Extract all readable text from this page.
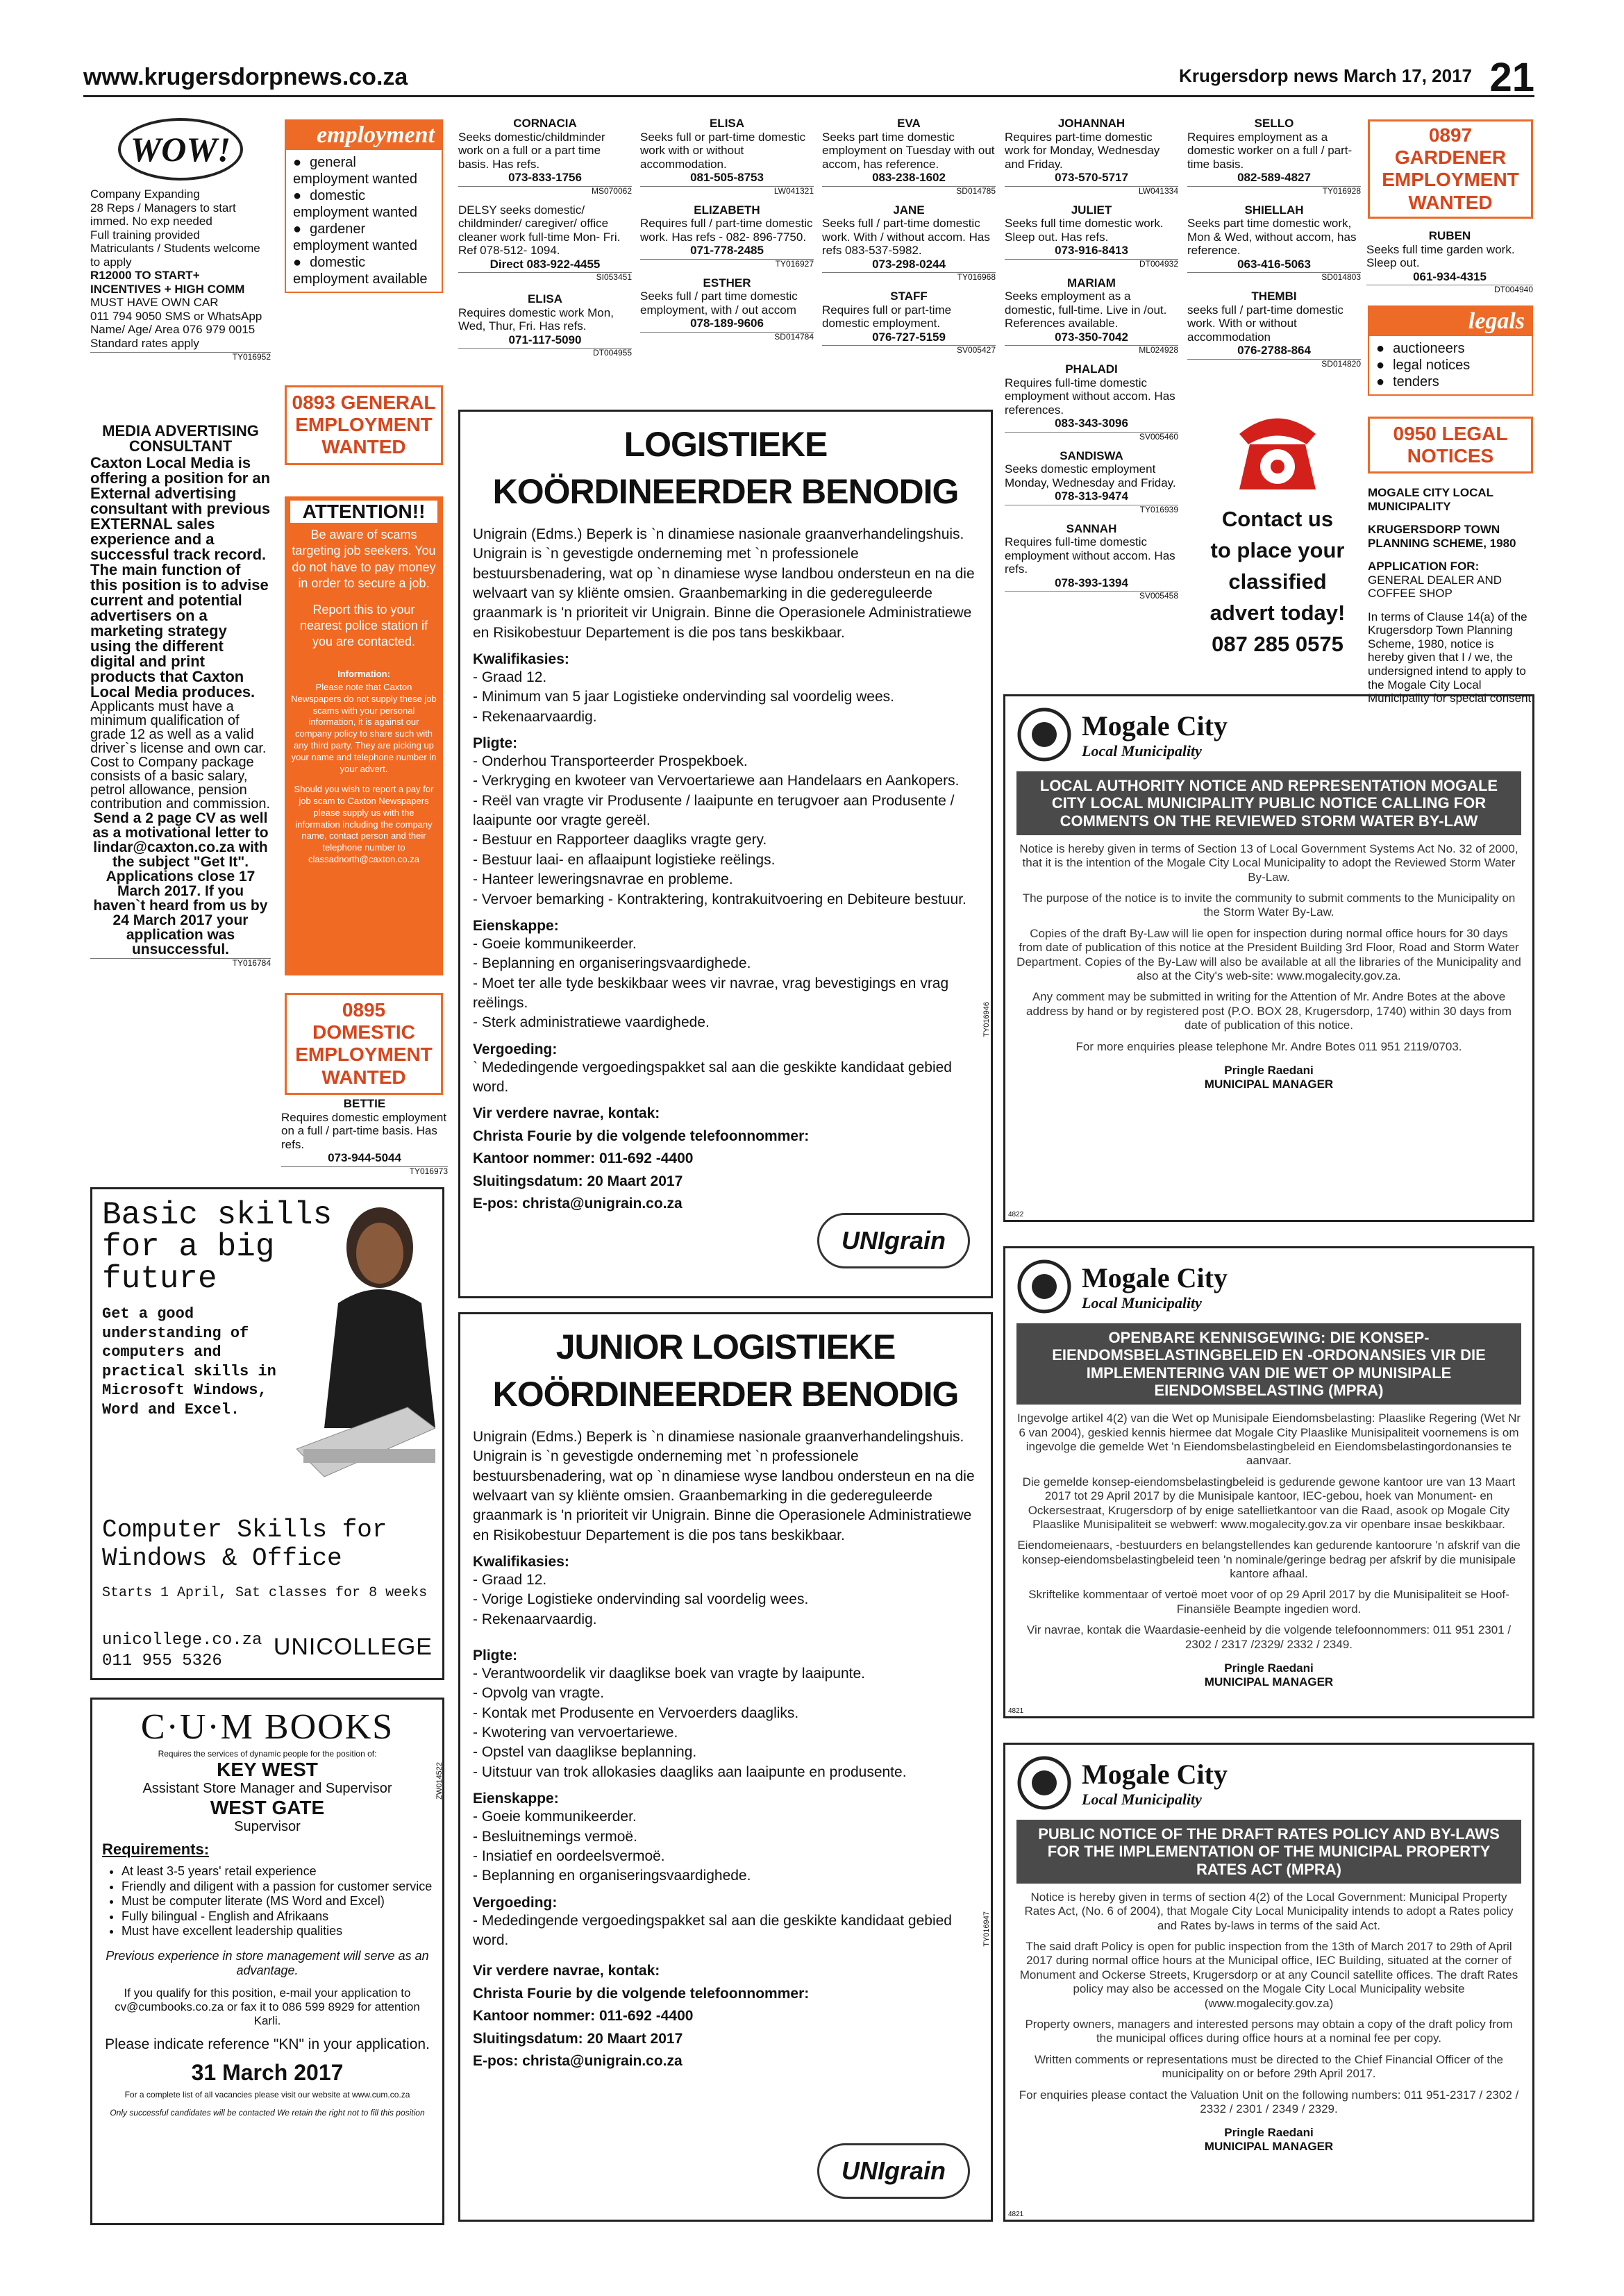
www.krugersdorpnews.co.za	Krugersdorp news March 17, 2017 21
WOW!
Company Expanding
28 Reps / Managers to start immed. No exp needed
Full training provided
Matriculants / Students welcome to apply
R12000 TO START+ INCENTIVES + HIGH COMM
MUST HAVE OWN CAR
011 794 9050 SMS or WhatsApp Name/ Age/ Area 076 979 0015
Standard rates apply
TY016952
MEDIA ADVERTISING CONSULTANT
Caxton Local Media is offering a position for an External advertising consultant with previous EXTERNAL sales experience and a successful track record. The main function of this position is to advise current and potential advertisers on a marketing strategy using the different digital and print products that Caxton Local Media produces.
Applicants must have a minimum qualification of grade 12 as well as a valid driver`s license and own car. Cost to Company package consists of a basic salary, petrol allowance, pension contribution and commission.
Send a 2 page CV as well as a motivational letter to lindar@caxton.co.za with the subject "Get It". Applications close 17 March 2017. If you haven`t heard from us by 24 March 2017 your application was unsuccessful.
TY016784
Basic skills for a big future
Get a good understanding of computers and practical skills in Microsoft Windows, Word and Excel.
Computer Skills for Windows & Office
Starts 1 April, Sat classes for 8 weeks
unicollege.co.za
011 955 5326
UNICOLLEGE
C·U·M BOOKS
Requires the services of dynamic people for the position of:
KEY WEST
Assistant Store Manager and Supervisor
WEST GATE
Supervisor
Requirements:
• At least 3-5 years' retail experience
• Friendly and diligent with a passion for customer service
• Must be computer literate (MS Word and Excel)
• Fully bilingual - English and Afrikaans
• Must have excellent leadership qualities
Previous experience in store management will serve as an advantage.
If you qualify for this position, e-mail your application to cv@cumbooks.co.za or fax it to 086 599 8929 for attention Karli.
Please indicate reference "KN" in your application.
31 March 2017
For a complete list of all vacancies please visit our website at www.cum.co.za
Only successful candidates will be contacted We retain the right not to fill this position
ZW014522
employment
● general employment wanted
● domestic employment wanted
● gardener employment wanted
● domestic employment available
0893 GENERAL EMPLOYMENT WANTED
ATTENTION!!
Be aware of scams targeting job seekers. You do not have to pay money in order to secure a job.
Report this to your nearest police station if you are contacted.
Information:
Please note that Caxton Newspapers do not supply these job scams with your personal information, it is against our company policy to share such with any third party. They are picking up your name and telephone number in your advert.
Should you wish to report a pay for job scam to Caxton Newspapers please supply us with the information including the company name, contact person and their telephone number to classadnorth@caxton.co.za
0895 DOMESTIC EMPLOYMENT WANTED
BETTIE
Requires domestic employment on a full / part-time basis. Has refs.
073-944-5044
TY016973
CORNACIA
Seeks domestic/childminder work on a full or a part time basis. Has refs.
073-833-1756
MS070062
DELSY seeks domestic/ childminder/ caregiver/ office cleaner work full-time Mon- Fri. Ref 078-512- 1094.
Direct 083-922-4455
SI053451
ELISA
Requires domestic work Mon, Wed, Thur, Fri. Has refs.
071-117-5090
DT004955
ELISA
Seeks full or part-time domestic work with or without accommodation.
081-505-8753
LW041321
ELIZABETH
Requires full / part-time domestic work. Has refs - 082- 896-7750.
071-778-2485
TY016927
ESTHER
Seeks full / part time domestic employment, with / out accom
078-189-9606
SD014784
EVA
Seeks part time domestic employment on Tuesday with out accom, has reference.
083-238-1602
SD014785
JANE
Seeks full / part-time domestic work. With / without accom. Has refs 083-537-5982.
073-298-0244
TY016968
STAFF
Requires full or part-time domestic employment.
076-727-5159
SV005427
JOHANNAH
Requires part-time domestic work for Monday, Wednesday and Friday.
073-570-5717
LW041334
JULIET
Seeks full time domestic work. Sleep out. Has refs.
073-916-8413
DT004932
MARIAM
Seeks employment as a domestic, full-time. Live in /out. References available.
073-350-7042
ML024928
PHALADI
Requires full-time domestic employment without accom. Has references.
083-343-3096
SV005460
SANDISWA
Seeks domestic employment Monday, Wednesday and Friday.
078-313-9474
TY016939
SANNAH
Requires full-time domestic employment without accom. Has refs.
078-393-1394
SV005458
SELLO
Requires employment as a domestic worker on a full / part-time basis.
082-589-4827
TY016928
SHIELLAH
Seeks part time domestic work, Mon & Wed, without accom, has reference.
063-416-5063
SD014803
THEMBI
seeks full / part-time domestic work. With or without accommodation
076-2788-864
SD014820
Contact us
to place your
classified
advert today!
087 285 0575
0897 GARDENER EMPLOYMENT WANTED
RUBEN
Seeks full time garden work. Sleep out.
061-934-4315
DT004940
legals
● auctioneers
● legal notices
● tenders
0950 LEGAL NOTICES
MOGALE CITY LOCAL MUNICIPALITY
KRUGERSDORP TOWN PLANNING SCHEME, 1980
APPLICATION FOR: GENERAL DEALER AND COFFEE SHOP
In terms of Clause 14(a) of the Krugersdorp Town Planning Scheme, 1980, notice is hereby given that I / we, the undersigned intend to apply to the Mogale City Local Municipality for special consent
LOGISTIEKE KOÖRDINEERDER BENODIG

Unigrain (Edms.) Beperk is `n dinamiese nasionale graanverhandelingshuis. Unigrain is `n gevestigde onderneming met `n professionele bestuursbenadering, wat op `n dinamiese wyse landbou ondersteun en na die welvaart van sy kliënte omsien. Graanbemarking in die gedereguleerde graanmark is 'n prioriteit vir Unigrain. Binne die Operasionele Administratiewe en Risikobestuur Departement is die pos tans beskikbaar.

Kwalifikasies:
- Graad 12.
- Minimum van 5 jaar Logistieke ondervinding sal voordelig wees.
- Rekenaarvaardig.
Pligte:
- Onderhou Transporteerder Prospekboek.
- Verkryging en kwoteer van Vervoertariewe aan Handelaars en Aankopers.
- Reël van vragte vir Produsente / laaipunte en terugvoer aan Produsente / laaipunte oor vragte gereël.
- Bestuur en Rapporteer daagliks vragte gery.
- Bestuur laai- en aflaaipunt logistieke reëlings.
- Hanteer leweringsnavrae en probleme.
- Vervoer bemarking - Kontraktering, kontrakuitvoering en Debiteure bestuur.
Eienskappe:
- Goeie kommunikeerder.
- Beplanning en organiseringsvaardighede.
- Moet ter alle tyde beskikbaar wees vir navrae, vrag bevestigings en vrag reëlings.
- Sterk administratiewe vaardighede.
Vergoeding:

` Mededingende vergoedingspakket sal aan die geskikte kandidaat gebied word.

Vir verdere navrae, kontak:
Christa Fourie by die volgende telefoonnommer:
Kantoor nommer: 011-692 -4400
Sluitingsdatum: 20 Maart 2017
E-pos: christa@unigrain.co.za
UNIgrain
TY016946
JUNIOR LOGISTIEKE KOÖRDINEERDER BENODIG

Unigrain (Edms.) Beperk is `n dinamiese nasionale graanverhandelingshuis. Unigrain is `n gevestigde onderneming met `n professionele bestuursbenadering, wat op `n dinamiese wyse landbou ondersteun en na die welvaart van sy kliënte omsien. Graanbemarking in die gedereguleerde graanmark is 'n prioriteit vir Unigrain. Binne die Operasionele Administratiewe en Risikobestuur Departement is die pos tans beskikbaar.

Kwalifikasies:
- Graad 12.
- Vorige Logistieke ondervinding sal voordelig wees.
- Rekenaarvaardig.
Pligte:
- Verantwoordelik vir daaglikse boek van vragte by laaipunte.
- Opvolg van vragte.
- Kontak met Produsente en Vervoerders daagliks.
- Kwotering van vervoertariewe.
- Opstel van daaglikse beplanning.
- Uitstuur van trok allokasies daagliks aan laaipunte en produsente.
Eienskappe:
- Goeie kommunikeerder.
- Besluitnemings vermoë.
- Insiatief en oordeelsvermoë.
- Beplanning en organiseringsvaardighede.
Vergoeding:

- Mededingende vergoedingspakket sal aan die geskikte kandidaat gebied word.

Vir verdere navrae, kontak:
Christa Fourie by die volgende telefoonnommer:
Kantoor nommer: 011-692 -4400
Sluitingsdatum: 20 Maart 2017
E-pos: christa@unigrain.co.za
UNIgrain
TY016947
Mogale City
Local Municipality
LOCAL AUTHORITY NOTICE AND REPRESENTATION MOGALE CITY LOCAL MUNICIPALITY PUBLIC NOTICE CALLING FOR COMMENTS ON THE REVIEWED STORM WATER BY-LAW

Notice is hereby given in terms of Section 13 of Local Government Systems Act No. 32 of 2000, that it is the intention of the Mogale City Local Municipality to adopt the Reviewed Storm Water By-Law.

The purpose of the notice is to invite the community to submit comments to the Municipality on the Storm Water By-Law.

Copies of the draft By-Law will lie open for inspection during normal office hours for 30 days from date of publication of this notice at the President Building 3rd Floor, Road and Storm Water Department. Copies of the By-Law will also be available at all the libraries of the Municipality and also at the City's web-site: www.mogalecity.gov.za.

Any comment may be submitted in writing for the Attention of Mr. Andre Botes at the above address by hand or by registered post (P.O. BOX 28, Krugersdorp, 1740) within 30 days from date of publication of this notice.

For more enquiries please telephone Mr. Andre Botes 011 951 2119/0703.

Pringle Raedani
MUNICIPAL MANAGER
4822
Mogale City
Local Municipality
OPENBARE KENNISGEWING: DIE KONSEP-EIENDOMSBELASTINGBELEID EN -ORDONANSIES VIR DIE IMPLEMENTERING VAN DIE WET OP MUNISIPALE EIENDOMSBELASTING (MPRA)

Ingevolge artikel 4(2) van die Wet op Munisipale Eiendomsbelasting: Plaaslike Regering (Wet Nr 6 van 2004), geskied kennis hiermee dat Mogale City Plaaslike Munisipaliteit voornemens is om ingevolge die gemelde Wet 'n Eiendomsbelastingbeleid en Eiendomsbelastingordonansies te aanvaar.

Die gemelde konsep-eiendomsbelastingbeleid is gedurende gewone kantoor ure van 13 Maart 2017 tot 29 April 2017 by die Munisipale kantoor, IEC-gebou, hoek van Monument- en Ockersestraat, Krugersdorp of by enige satellietkantoor van die Raad, asook op Mogale City Plaaslike Munisipaliteit se webwerf: www.mogalecity.gov.za vir openbare insae beskikbaar.

Eiendomeienaars, -bestuurders en belangstellendes kan gedurende kantoorure 'n afskrif van die konsep-eiendomsbelastingbeleid teen 'n nominale/geringe bedrag per afskrif by die munisipale kantore afhaal.

Skriftelike kommentaar of vertoë moet voor of op 29 April 2017 by die Munisipaliteit se Hoof- Finansiële Beampte ingedien word.

Vir navrae, kontak die Waardasie-eenheid by die volgende telefoonnommers: 011 951 2301 / 2302 / 2317 /2329/ 2332 / 2349.

Pringle Raedani
MUNICIPAL MANAGER
4821
Mogale City
Local Municipality
PUBLIC NOTICE OF THE DRAFT RATES POLICY AND BY-LAWS FOR THE IMPLEMENTATION OF THE MUNICIPAL PROPERTY RATES ACT (MPRA)

Notice is hereby given in terms of section 4(2) of the Local Government: Municipal Property Rates Act, (No. 6 of 2004), that Mogale City Local Municipality intends to adopt a Rates policy and Rates by-laws in terms of the said Act.

The said draft Policy is open for public inspection from the 13th of March 2017 to 29th of April 2017 during normal office hours at the Municipal office, IEC Building, situated at the corner of Monument and Ockerse Streets, Krugersdorp or at any Council satellite offices. The draft Rates policy may also be accessed on the Mogale City Local Municipality website (www.mogalecity.gov.za)

Property owners, managers and interested persons may obtain a copy of the draft policy from the municipal offices during office hours at a nominal fee per copy.

Written comments or representations must be directed to the Chief Financial Officer of the municipality on or before 29th April 2017.

For enquiries please contact the Valuation Unit on the following numbers: 011 951-2317 / 2302 / 2332 / 2301 / 2349 / 2329.

Pringle Raedani
MUNICIPAL MANAGER
4821
